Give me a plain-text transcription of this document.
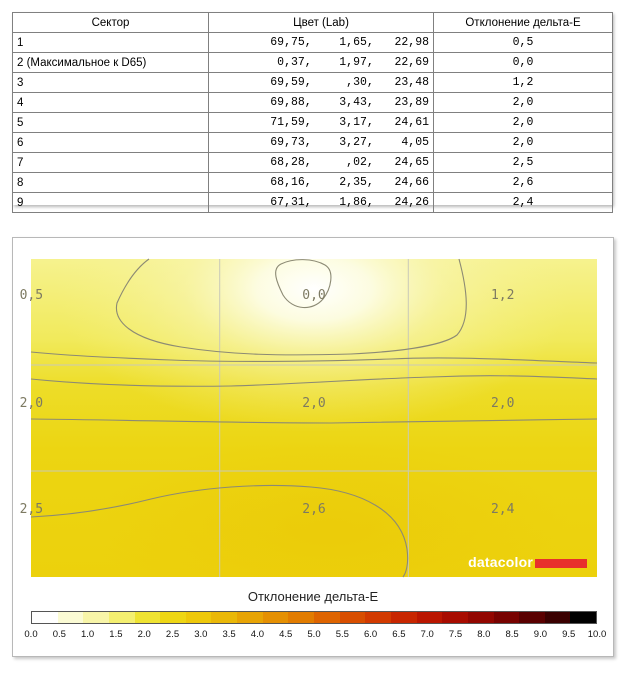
Сектор	Цвет (Lab)	Отклонение дельта-E
1	69,75,    1,65,   22,98	0,5
2 (Максимальное к D65)	0,37,    1,97,   22,69	0,0
3	69,59,     ,30,   23,48	1,2
4	69,88,    3,43,   23,89	2,0
5	71,59,    3,17,   24,61	2,0
6	69,73,    3,27,    4,05	2,0
7	68,28,     ,02,   24,65	2,5
8	68,16,    2,35,   24,66	2,6
9	67,31,    1,86,   24,26	2,4
0,5	0,0	1,2
2,0	2,0	2,0
2,5	2,6	2,4
datacolor
Отклонение дельта-E
0.0	0.5	1.0	1.5	2.0	2.5	3.0	3.5	4.0	4.5	5.0	5.5	6.0	6.5	7.0	7.5	8.0	8.5	9.0	9.5	10.0
